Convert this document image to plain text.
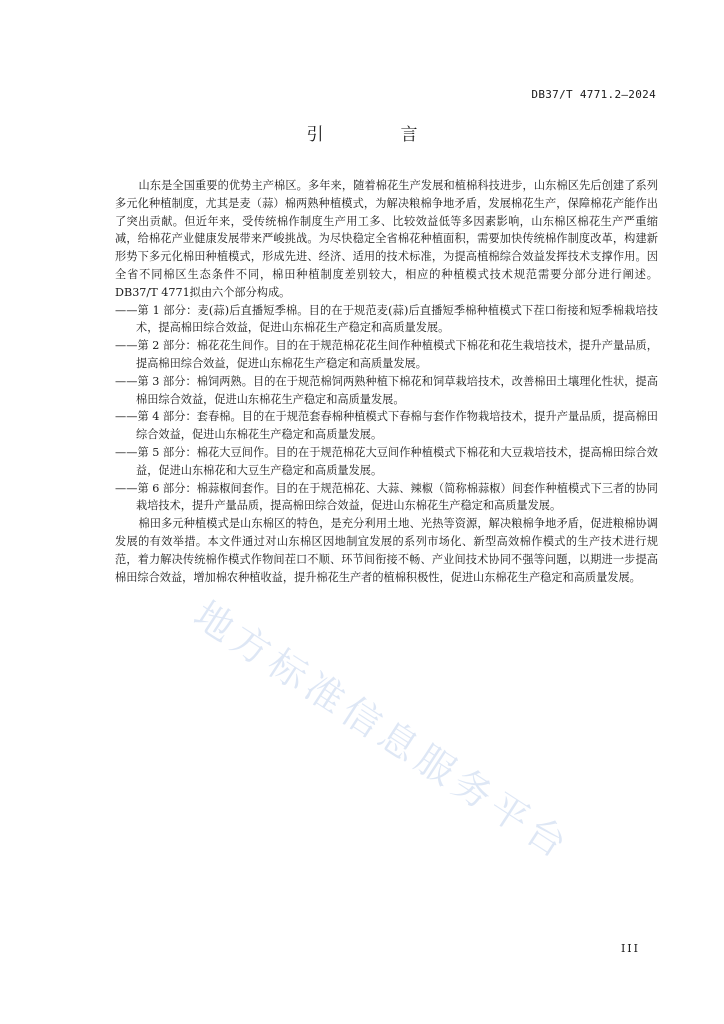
DB37/T 4771.2—2024
引　言

山东是全国重要的优势主产棉区。多年来，随着棉花生产发展和植棉科技进步，山东棉区先后创建了系列多元化种植制度，尤其是麦（蒜）棉两熟种植模式，为解决粮棉争地矛盾，发展棉花生产，保障棉花产能作出了突出贡献。但近年来，受传统棉作制度生产用工多、比较效益低等多因素影响，山东棉区棉花生产严重缩减，给棉花产业健康发展带来严峻挑战。为尽快稳定全省棉花种植面积，需要加快传统棉作制度改革，构建新形势下多元化棉田种植模式，形成先进、经济、适用的技术标准，为提高植棉综合效益发挥技术支撑作用。因全省不同棉区生态条件不同，棉田种植制度差别较大，相应的种植模式技术规范需要分部分进行阐述。DB37/T 4771拟由六个部分构成。

——第 1 部分：麦(蒜)后直播短季棉。目的在于规范麦(蒜)后直播短季棉种植模式下茬口衔接和短季棉栽培技术，提高棉田综合效益，促进山东棉花生产稳定和高质量发展。

——第 2 部分：棉花花生间作。目的在于规范棉花花生间作种植模式下棉花和花生栽培技术，提升产量品质，提高棉田综合效益，促进山东棉花生产稳定和高质量发展。

——第 3 部分：棉饲两熟。目的在于规范棉饲两熟种植下棉花和饲草栽培技术，改善棉田土壤理化性状，提高棉田综合效益，促进山东棉花生产稳定和高质量发展。

——第 4 部分：套春棉。目的在于规范套春棉种植模式下春棉与套作作物栽培技术，提升产量品质，提高棉田综合效益，促进山东棉花生产稳定和高质量发展。

——第 5 部分：棉花大豆间作。目的在于规范棉花大豆间作种植模式下棉花和大豆栽培技术，提高棉田综合效益，促进山东棉花和大豆生产稳定和高质量发展。

——第 6 部分：棉蒜椒间套作。目的在于规范棉花、大蒜、辣椒（简称棉蒜椒）间套作种植模式下三者的协同栽培技术，提升产量品质，提高棉田综合效益，促进山东棉花生产稳定和高质量发展。

棉田多元种植模式是山东棉区的特色，是充分利用土地、光热等资源，解决粮棉争地矛盾，促进粮棉协调发展的有效举措。本文件通过对山东棉区因地制宜发展的系列市场化、新型高效棉作模式的生产技术进行规范，着力解决传统棉作模式作物间茬口不顺、环节间衔接不畅、产业间技术协同不强等问题，以期进一步提高棉田综合效益，增加棉农种植收益，提升棉花生产者的植棉积极性，促进山东棉花生产稳定和高质量发展。

地方标准信息服务平台
III
